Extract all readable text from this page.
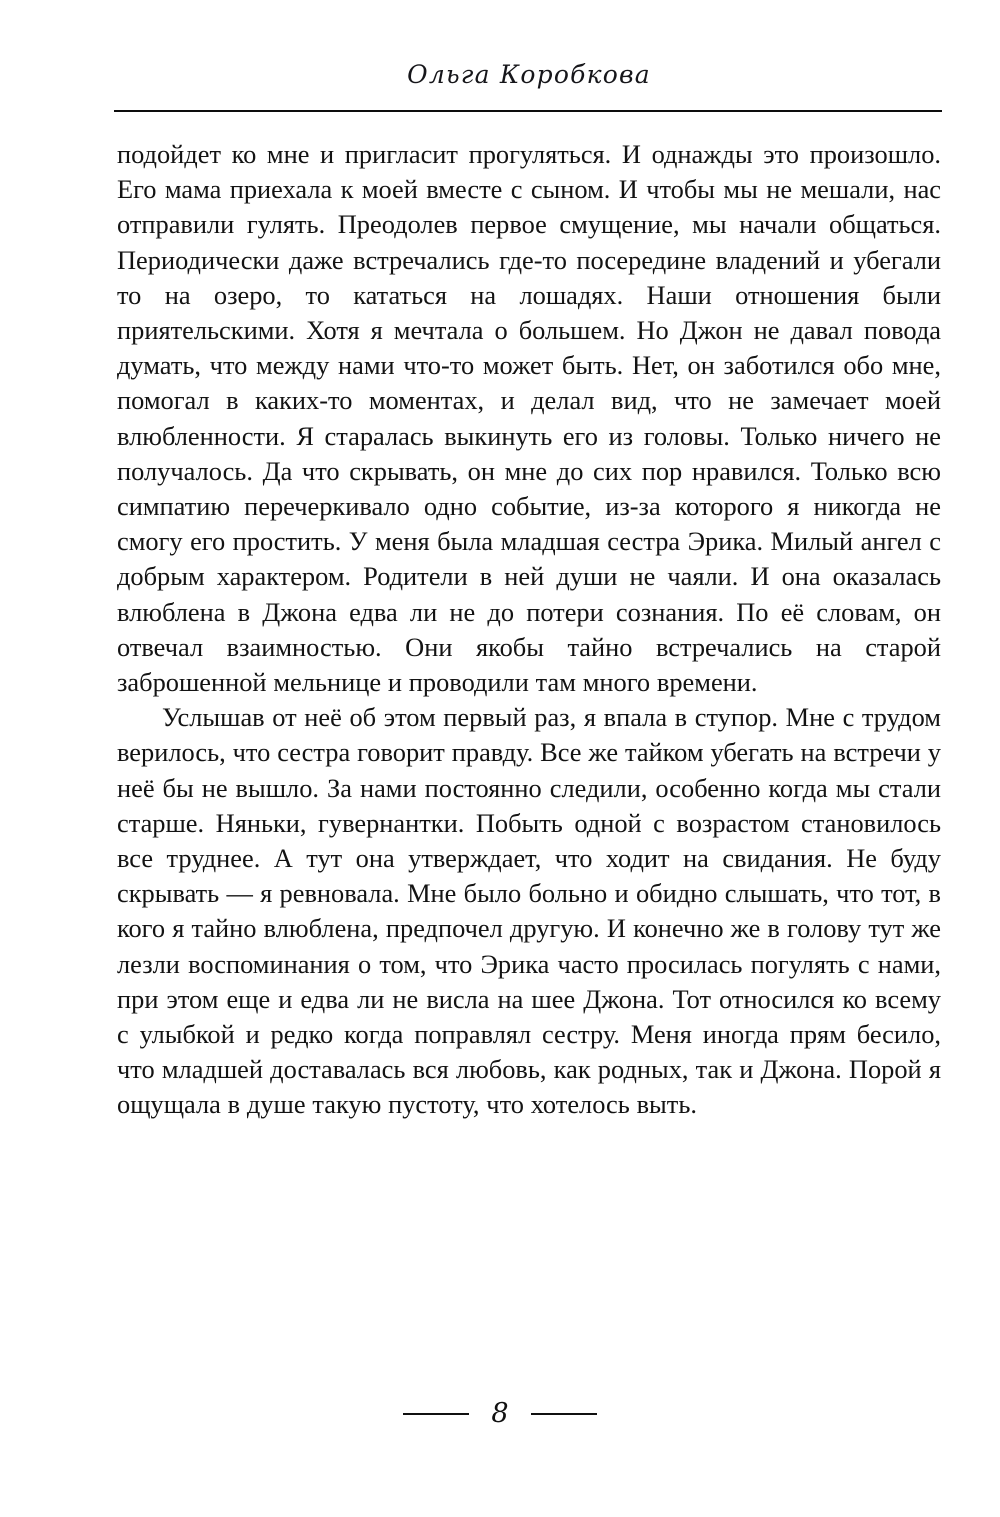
Ольга Коробкова

подойдет ко мне и пригласит прогуляться. И однажды это произошло. Его мама приехала к моей вместе с сыном. И чтобы мы не мешали, нас отправили гулять. Преодолев первое смущение, мы начали общаться. Периодически даже встречались где-то посередине владений и убегали то на озеро, то кататься на лошадях. Наши отношения были приятельскими. Хотя я мечтала о большем. Но Джон не давал повода думать, что между нами что-то может быть. Нет, он заботился обо мне, помогал в каких-то моментах, и делал вид, что не замечает моей влюбленности. Я старалась выкинуть его из головы. Только ничего не получалось. Да что скрывать, он мне до сих пор нравился. Только всю симпатию перечеркивало одно событие, из-за которого я никогда не смогу его простить. У меня была младшая сестра Эрика. Милый ангел с добрым характером. Родители в ней души не чаяли. И она оказалась влюблена в Джона едва ли не до потери сознания. По её словам, он отвечал взаимностью. Они якобы тайно встречались на старой заброшенной мельнице и проводили там много времени.

Услышав от неё об этом первый раз, я впала в ступор. Мне с трудом верилось, что сестра говорит правду. Все же тайком убегать на встречи у неё бы не вышло. За нами постоянно следили, особенно когда мы стали старше. Няньки, гувернантки. Побыть одной с возрастом становилось все труднее. А тут она утверждает, что ходит на свидания. Не буду скрывать — я ревновала. Мне было больно и обидно слышать, что тот, в кого я тайно влюблена, предпочел другую. И конечно же в голову тут же лезли воспоминания о том, что Эрика часто просилась погулять с нами, при этом еще и едва ли не висла на шее Джона. Тот относился ко всему с улыбкой и редко когда поправлял сестру. Меня иногда прям бесило, что младшей доставалась вся любовь, как родных, так и Джона. Порой я ощущала в душе такую пустоту, что хотелось выть.

8
